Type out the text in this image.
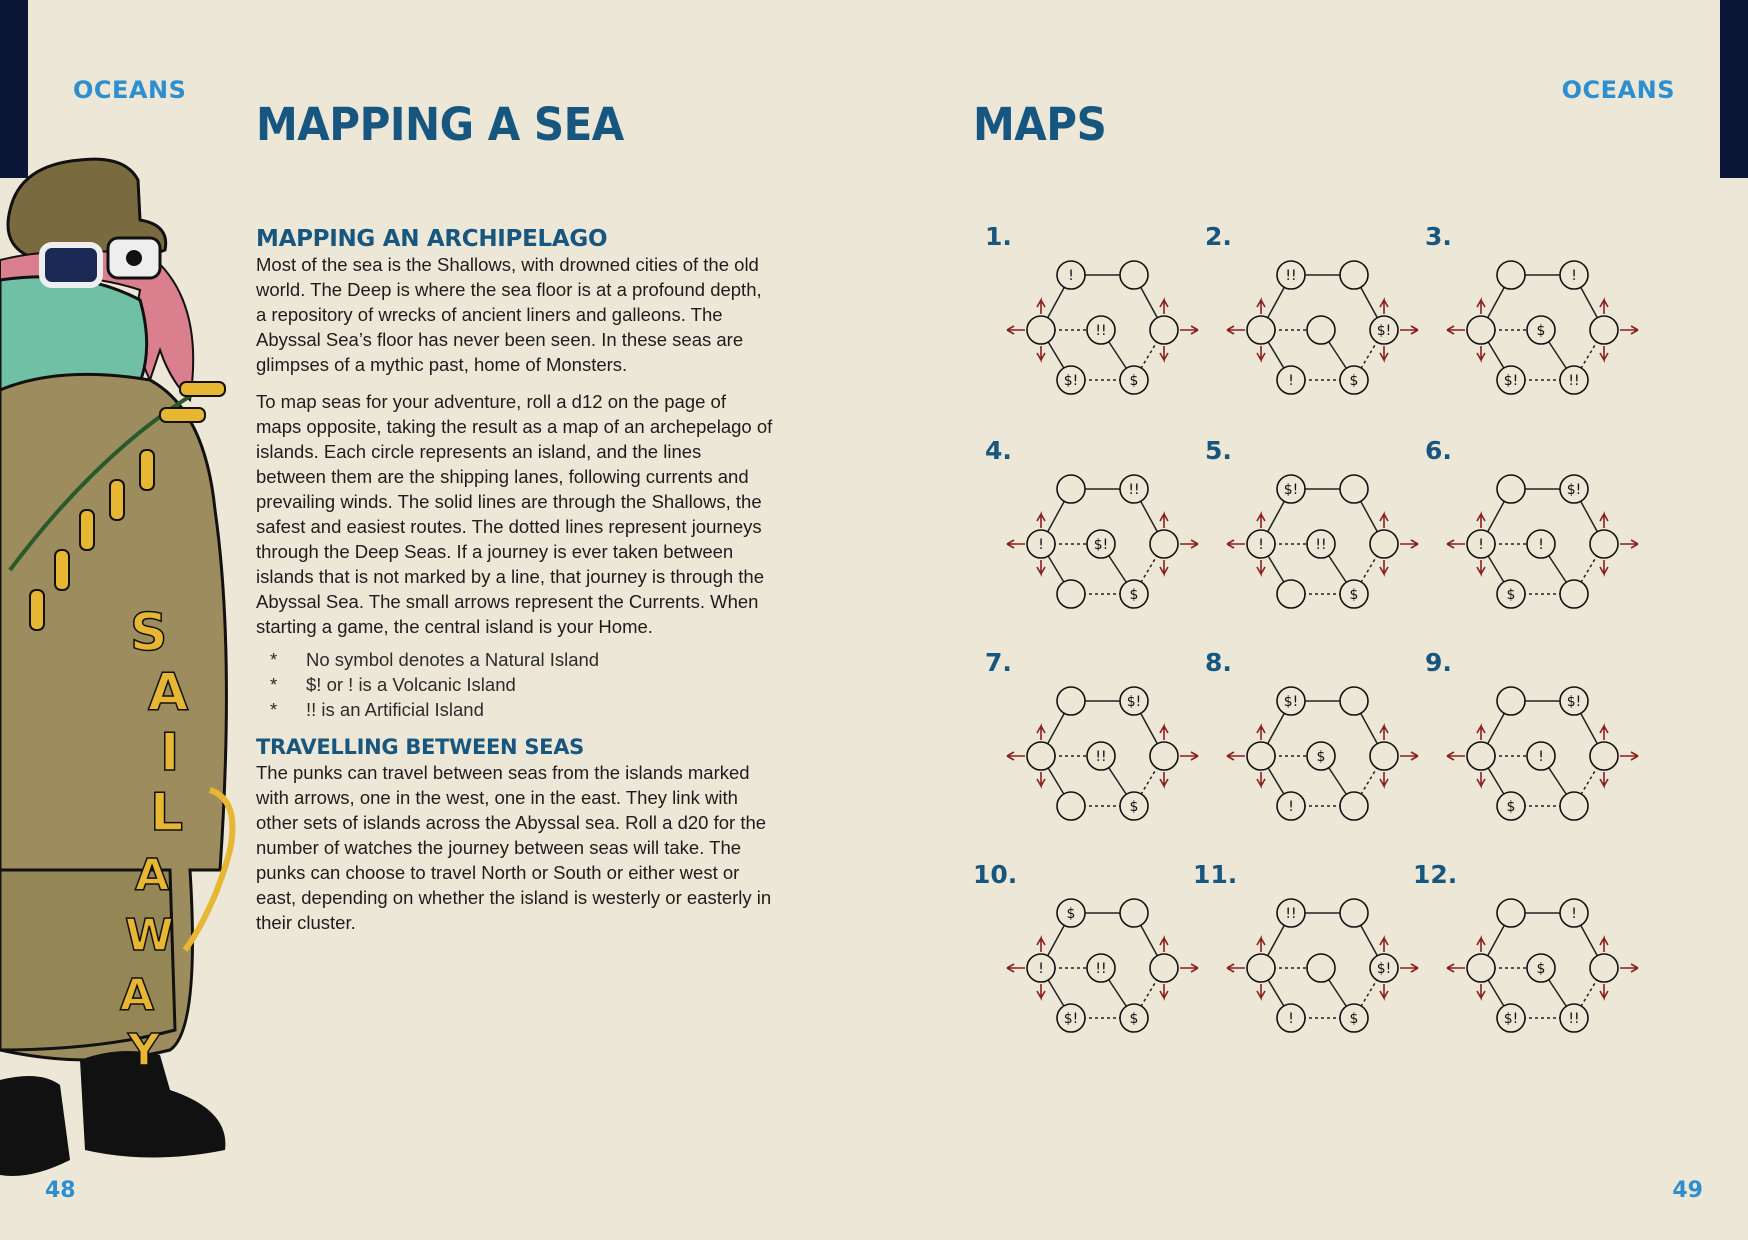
OCEANS
MAPPING A SEA
S
A
I
L
A
W
A
Y
MAPPING AN ARCHIPELAGO

Most of the sea is the Shallows, with drowned cities of the old world. The Deep is where the sea floor is at a profound depth, a repository of wrecks of ancient liners and galleons. The Abyssal Sea’s floor has never been seen. In these seas are glimpses of a mythic past, home of Monsters.

To map seas for your adventure, roll a d12 on the page of maps opposite, taking the result as a map of an archepelago of islands. Each circle represents an island, and the lines between them are the shipping lanes, following currents and prevailing winds. The solid lines are through the Shallows, the safest and easiest routes. The dotted lines represent journeys through the Deep Seas. If a journey is ever taken between islands that is not marked by a line, that journey is through the Abyssal Sea. The small arrows represent the Currents. When starting a game, the central island is your Home.

*	No symbol denotes a Natural Island
*	$! or ! is a Volcanic Island
*	!! is an Artificial Island
TRAVELLING BETWEEN SEAS

The punks can travel between seas from the islands marked with arrows, one in the west, one in the east. They link with other sets of islands across the Abyssal sea. Roll a d20 for the number of watches the journey between seas will take. The punks can choose to travel North or South or either west or east, depending on whether the island is westerly or easterly in their cluster.

48
OCEANS
MAPS
1.
!
!!
$!	$
2.
!!
$!
!	$
3.
!
$
$!	!!
4.
!!
!	$!
$
5.
$!
!	!!
$
6.
$!
!	!
$
7.
$!
!!
$
8.
$!
$
!
9.
$!
!
$
10.
$
!	!!
$!	$
11.
!!
$!
!	$
12.
!
$
$!	!!
49
